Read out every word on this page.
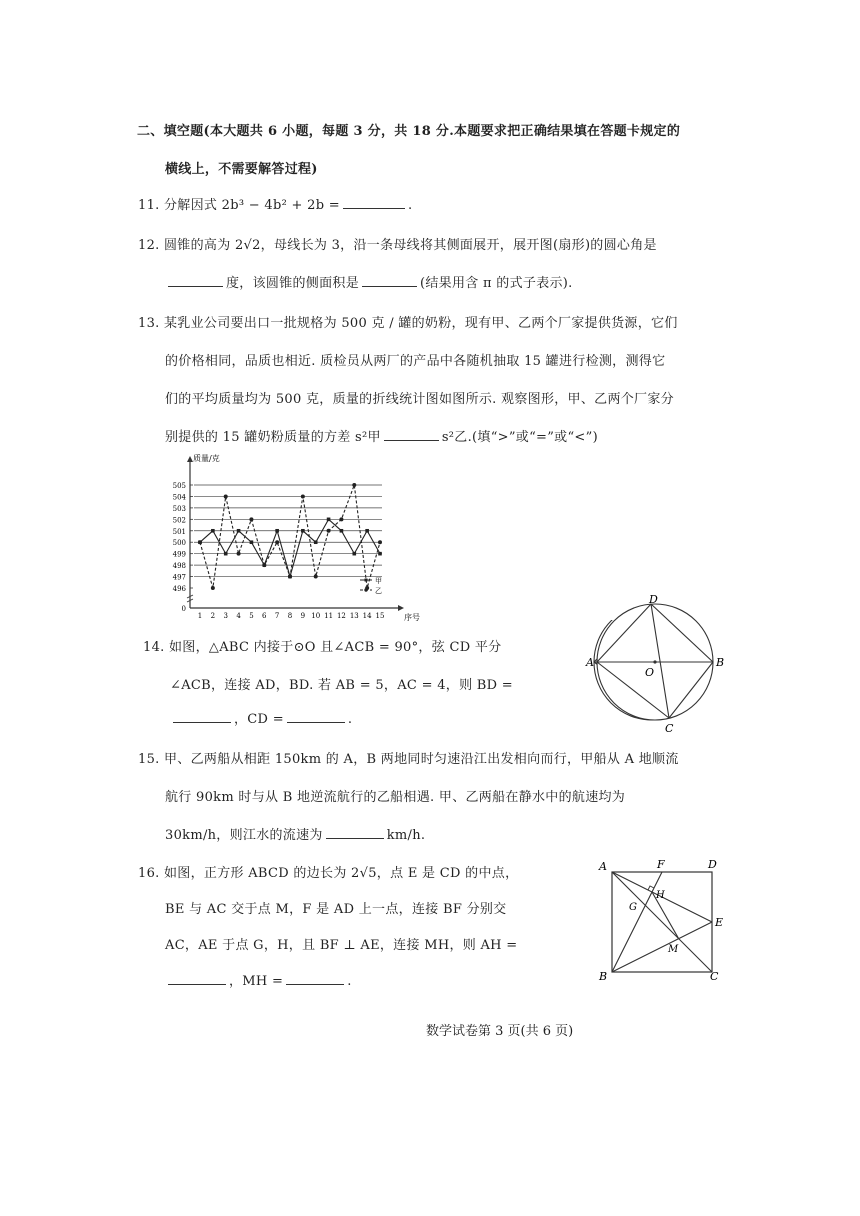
二、填空题(本大题共 6 小题，每题 3 分，共 18 分.本题要求把正确结果填在答题卡规定的
横线上，不需要解答过程)
11. 分解因式 2b³ − 4b² + 2b =	.
12. 圆锥的高为 2√2，母线长为 3，沿一条母线将其侧面展开，展开图(扇形)的圆心角是
度，该圆锥的侧面积是	(结果用含 π 的式子表示).
13. 某乳业公司要出口一批规格为 500 克 / 罐的奶粉，现有甲、乙两个厂家提供货源，它们
的价格相同，品质也相近. 质检员从两厂的产品中各随机抽取 15 罐进行检测，测得它
们的平均质量均为 500 克，质量的折线统计图如图所示. 观察图形，甲、乙两个厂家分
别提供的 15 罐奶粉质量的方差 s²甲	s²乙.(填“>”或“=”或“<”)
质量/克
序号
0
496
497
498
499
500
501
502
503
504
505
1 2 3 4 5 6 7 8 9 10 11 12 13 14 15
甲
乙
14. 如图，△ABC 内接于⊙O 且∠ACB = 90°，弦 CD 平分
∠ACB，连接 AD，BD. 若 AB = 5，AC = 4，则 BD =
，CD =	.
D
A	B
O
C
15. 甲、乙两船从相距 150km 的 A，B 两地同时匀速沿江出发相向而行，甲船从 A 地顺流
航行 90km 时与从 B 地逆流航行的乙船相遇. 甲、乙两船在静水中的航速均为
30km/h，则江水的流速为	km/h.
16. 如图，正方形 ABCD 的边长为 2√5，点 E 是 CD 的中点，
BE 与 AC 交于点 M，F 是 AD 上一点，连接 BF 分别交
AC，AE 于点 G，H，且 BF ⊥ AE，连接 MH，则 AH =
，MH =	.
A	F	D
H
G
E
M
B	C
数学试卷第 3 页(共 6 页)
